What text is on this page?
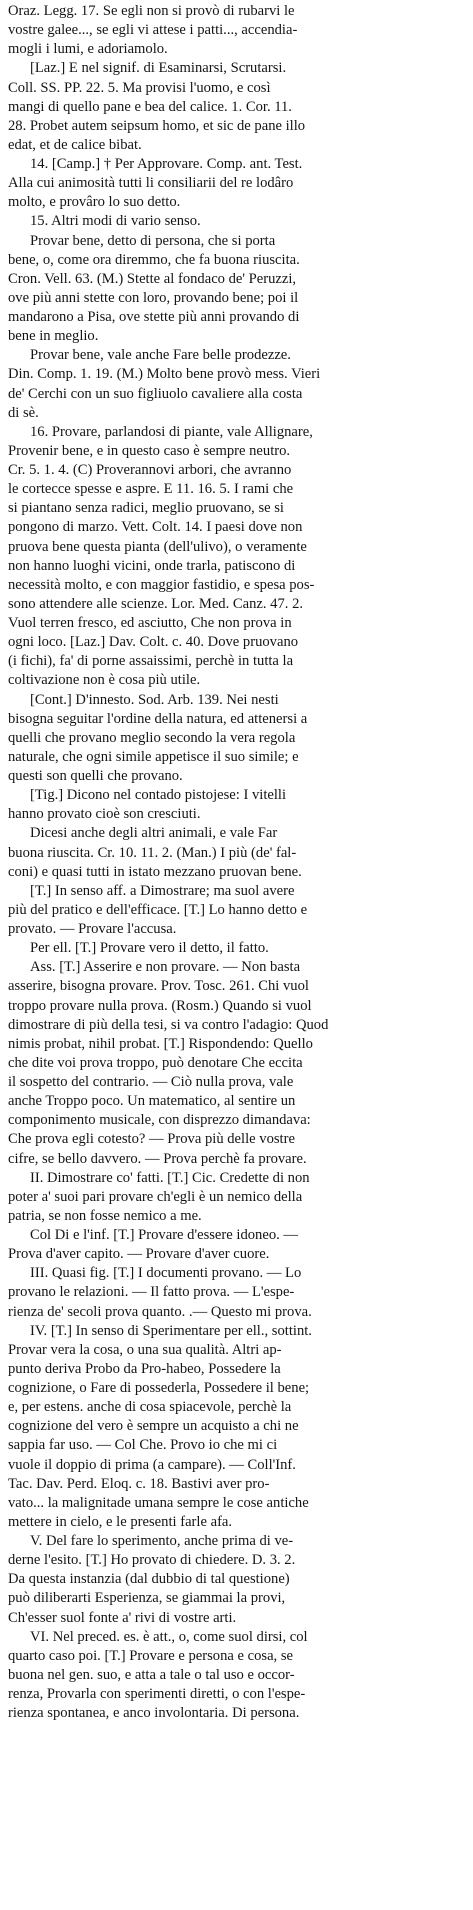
Oraz. Legg. 17. Se egli non si provò di rubarvi le

vostre galee..., se egli vi attese i patti..., accendia-

mogli i lumi, e adoriamolo.

[Laz.] E nel signif. di Esaminarsi, Scrutarsi.

Coll. SS. PP. 22. 5. Ma provisi l'uomo, e così

mangi di quello pane e bea del calice. 1. Cor. 11.

28. Probet autem seipsum homo, et sic de pane illo

edat, et de calice bibat.

14. [Camp.] † Per Approvare. Comp. ant. Test.

Alla cui animosità tutti li consiliarii del re lodâro

molto, e provâro lo suo detto.

15. Altri modi di vario senso.

Provar bene, detto di persona, che si porta

bene, o, come ora diremmo, che fa buona riuscita.

Cron. Vell. 63. (M.) Stette al fondaco de' Peruzzi,

ove più anni stette con loro, provando bene; poi il

mandarono a Pisa, ove stette più anni provando di

bene in meglio.

Provar bene, vale anche Fare belle prodezze.

Din. Comp. 1. 19. (M.) Molto bene provò mess. Vieri

de' Cerchi con un suo figliuolo cavaliere alla costa

di sè.

16. Provare, parlandosi di piante, vale Allignare,

Provenir bene, e in questo caso è sempre neutro.

Cr. 5. 1. 4. (C) Proverannovi arbori, che avranno

le cortecce spesse e aspre. E 11. 16. 5. I rami che

si piantano senza radici, meglio pruovano, se si

pongono di marzo. Vett. Colt. 14. I paesi dove non

pruova bene questa pianta (dell'ulivo), o veramente

non hanno luoghi vicini, onde trarla, patiscono di

necessità molto, e con maggior fastidio, e spesa pos-

sono attendere alle scienze. Lor. Med. Canz. 47. 2.

Vuol terren fresco, ed asciutto, Che non prova in

ogni loco. [Laz.] Dav. Colt. c. 40. Dove pruovano

(i fichi), fa' di porne assaissimi, perchè in tutta la

coltivazione non è cosa più utile.

[Cont.] D'innesto. Sod. Arb. 139. Nei nesti

bisogna seguitar l'ordine della natura, ed attenersi a

quelli che provano meglio secondo la vera regola

naturale, che ogni simile appetisce il suo simile; e

questi son quelli che provano.

[Tig.] Dicono nel contado pistojese: I vitelli

hanno provato cioè son cresciuti.

Dicesi anche degli altri animali, e vale Far

buona riuscita. Cr. 10. 11. 2. (Man.) I più (de' fal-

coni) e quasi tutti in istato mezzano pruovan bene.

[T.] In senso aff. a Dimostrare; ma suol avere

più del pratico e dell'efficace. [T.] Lo hanno detto e

provato. — Provare l'accusa.

Per ell. [T.] Provare vero il detto, il fatto.

Ass. [T.] Asserire e non provare. — Non basta

asserire, bisogna provare. Prov. Tosc. 261. Chi vuol

troppo provare nulla prova. (Rosm.) Quando si vuol

dimostrare di più della tesi, si va contro l'adagio: Quod

nimis probat, nihil probat. [T.] Rispondendo: Quello

che dite voi prova troppo, può denotare Che eccita

il sospetto del contrario. — Ciò nulla prova, vale

anche Troppo poco. Un matematico, al sentire un

componimento musicale, con disprezzo dimandava:

Che prova egli cotesto? — Prova più delle vostre

cifre, se bello davvero. — Prova perchè fa provare.

II. Dimostrare co' fatti. [T.] Cic. Credette di non

poter a' suoi pari provare ch'egli è un nemico della

patria, se non fosse nemico a me.

Col Di e l'inf. [T.] Provare d'essere idoneo. —

Prova d'aver capito. — Provare d'aver cuore.

III. Quasi fig. [T.] I documenti provano. — Lo

provano le relazioni. — Il fatto prova. — L'espe-

rienza de' secoli prova quanto. .— Questo mi prova.

IV. [T.] In senso di Sperimentare per ell., sottint.

Provar vera la cosa, o una sua qualità. Altri ap-

punto deriva Probo da Pro-habeo, Possedere la

cognizione, o Fare di possederla, Possedere il bene;

e, per estens. anche di cosa spiacevole, perchè la

cognizione del vero è sempre un acquisto a chi ne

sappia far uso. — Col Che. Provo io che mi ci

vuole il doppio di prima (a campare). — Coll'Inf.

Tac. Dav. Perd. Eloq. c. 18. Bastivi aver pro-

vato... la malignitade umana sempre le cose antiche

mettere in cielo, e le presenti farle afa.

V. Del fare lo sperimento, anche prima di ve-

derne l'esito. [T.] Ho provato di chiedere. D. 3. 2.

Da questa instanzia (dal dubbio di tal questione)

può diliberarti Esperienza, se giammai la provi,

Ch'esser suol fonte a' rivi di vostre arti.

VI. Nel preced. es. è att., o, come suol dirsi, col

quarto caso poi. [T.] Provare e persona e cosa, se

buona nel gen. suo, e atta a tale o tal uso e occor-

renza, Provarla con sperimenti diretti, o con l'espe-

rienza spontanea, e anco involontaria. Di persona.
